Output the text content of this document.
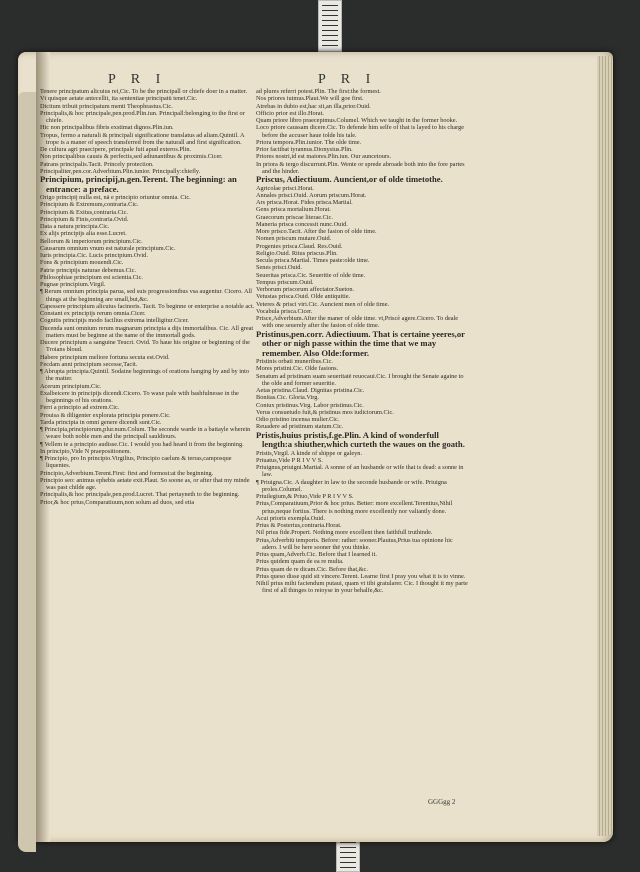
P R I	P R I

Tenere principatum alicuius rei,Cic. To be the principall or chiefe doer in a matter.

Vt quisque aetate antecellit, ita sententiae principatū tenet.Cic.

Dicitum tribuit principatum menti Theophrastus.Cic.

Principalis,& hoc principale,pen.prod.Plin.iun. Principall:belonging to the first or chiefe.

Hic non principalibus fibris exstimat dignos.Plin.iun.

Tropus, fermo a naturali & principali significatione translatus ad aliam.Quintil. A trope is a maner of speech transferred from the naturall and first signification.

De cultura agri praecipere, principale fuit apud exteros.Plin.

Non principalibus causis & perfectis,sed adiunantibus & proximis.Cicer.

Patrans principalis.Tacit. Princely protection.

Principaliter,pen.cor.Adverbium.Plin.iunior. Principally:chiefly.

Principium, principij,n.gen.Terent. The beginning: an entrance: a preface.

Origo principij nulla est, nā e principio oriuntur omnia. Cic.

Principium & Extremum,contraria.Cic.

Principium & Exitus,contraria.Cic.

Principium & Finis,contraria.Ovid.

Data a natura principia.Cic.

Ex alijs principijs alia esse.Lucret.

Bellorum & imperiorum principium.Cic.

Causarum omnium vnum est naturale principium.Cic.

Iuris principia.Cic. Lucis principium.Ovid.

Fons & principium mouendi.Cic.

Patrie principijs naturae debemus.Cic.

Philosophiae principium est scientia.Cic.

Pugnae principium.Virgil.

¶ Rerum omnium principia parua, sed suis progressionibus vsa augentur. Cicero. All things at the beginning are small,but,&c.

Capessere principium alicuius facinoris. Tacit. To beginne or enterprise a notable act.

Constant ex principijs rerum omnia.Cicer.

Cognitis principijs modo facilius extrema intelligitur.Cicer.

Ducenda sunt omnium rerum magnarum principia a dijs immortalibus. Cic. All great matters must be beginne at the name of the immortall gods.

Ducere principium a sanguine Teucri. Ovid. To haue his origine or beginning of the Troians bloud.

Habere principium meliore fortuna secuta est.Ovid.

Fecdam anni principium secesse,Tacit.

¶ Abrupta principia.Quintil. Sodaine beginnings of orations hanging by and by into the matter.

Acerum principium.Cic.

Exalbeicere in principijs dicendi.Cicero. To waxe pale with bashfulnesse in the beginnings of his orations.

Ferri a principio ad extrem.Cic.

Prouisa & diligenter explorata principia ponere.Cic.

Tarda principia in omni genere dicendi sunt.Cic.

¶ Principia,principiorum,plur.num.Colum. The seconde warde in a battayle wherein weare both noble men and the principall sauldiours.

¶ Vellem te a principio audisse.Cic. I would you had heard it from the beginning.

In principio,Vide N praepositionem.

¶ Principio, pro In principio.Virgilius, Principio caelum & terras,camposque liquentes.

Principio,Adverbium.Terent.First: first and formost:at the beginning.

Principio seo: animus ephebis aetate exit.Plaut. So soone as, or after that my minde was past childe age.

Principalis,& hoc principale,pen.prod.Lucret. That pertayneth to the beginning.

Prior,& hoc prius,Comparatiuum,non solum ad duos, sed etia

ad plures referri potest.Plin. The first:the formest.

Nos priores iuimus.Plaut.We will goe first.

Atrebas in dubio est,hac sit,an illa,prior.Ouid.

Officio prior est illo.Horat.

Quam priore libro praecepimus.Columel. Which we taught in the former booke.

Loco priore caussam dicere.Cic. To defende him selfe of that is layed to his charge before the accuser haue tolde his tale.

Priora tempora.Plin.iunior. The olde time.

Prior factibat tyrannus.Dionysius.Plin.

Priores nostri,id est maiores.Plin.iun. Our auncetours.

In priora & tergo discurrunt.Plin. Wente or sprede abroade both into the fore partes and the hinder.

Priscus, Adiectiuum. Auncient,or of olde timetothe.

Agricolae prisci.Horat.

Annales prisci.Ouid. Aorum priscum.Horat.

Ars prisca.Horat. Fides prisca.Martial.

Gens prisca mortalium.Horat.

Graecorum priscae literae.Cic.

Maneria prisca concessit nunc.Ouid.

More prisco.Tacit. After the fasion of olde time.

Nomen priscum mutare.Ouid.

Progenies prisca.Claud. Res.Ouid.

Religio.Ouid. Ritus priscus.Plin.

Secula prisca.Martial. Times paste:olde time.

Senes prisci.Ouid.

Seueritas prisca.Cic. Seueritie of olde time.

Tempus priscum.Ouid.

Verborum priscorum affectator.Sueton.

Vetustas prisca.Ouid. Olde antiquitie.

Veteres & prisci viri.Cic. Auncient men of olde time.

Vocabula prisca.Cicer.

Prisce,Adverbium.After the maner of olde time. vt,Priscè agere.Cicero. To deale with one seuerely after the fasion of olde time.

Pristinus,pen.corr. Adiectiuum. That is certaine yeeres,or other or nigh passe within the time that we may remember. Also Olde:former.

Pristinis orbati muneribus.Cic.

Mores pristini.Cic. Olde fasions.

Senatum ad pristinam suam seueritatē reuocaui.Cic. I brought the Senate againe to the olde and former seueritie.

Aetas pristina.Claud. Dignitas pristina.Cic.

Bonitas.Cic. Gloria.Virg.

Coniux pristinus.Virg. Labor pristinus.Cic.

Verus consuetudo fuit,& pristinus mos iudiciorum.Cic.

Odio pristino incensa mulier.Cic.

Reuadere ad pristinum statum.Cic.

Pristis,huius pristis,f.ge.Plin. A kind of wonderfull length:a shiuther,which curteth the waues on the goath.

Pristis,Virgil. A kinde of shippe or galeyn.

Priuatus,Vide P R I V V S.

Priuignus,priuigni.Martial. A sonne of an husbande or wife that is dead: a sonne in law.

¶ Priuigna.Cic. A daughter in law to the seconde husbande or wife. Priuigna proles.Columel.

Priuilegium,& Priuo,Vide P R I V V S.

Prius,Comparatiuum,Prior & hoc prius. Better: more excellent.Terentius,Nihil prius,neque fortius. There is nothing more excellently nor valiantly done.

Acui prioris exempla.Ouid.

Prius & Posterius,contraria.Horat.

Nil prius fide.Propert. Nothing more excellent then faithfull truthinde.

Prius,Adverbiū temporis. Before: rather: sooner.Plautus,Prius tua opinione hic adero. I will be here sooner thē you thinke.

Prius quam,Adverb.Cic. Before that I learned it.

Prius quidem quam de ea re multa.

Prius quam de re dicam.Cic. Before that,&c.

Prius queso disse quid sit vincere.Terent. Learne first I pray you what it is to vinne.

Nihil prius mihi faciendum putaui, quam vt tibi gratularer. Cic. I thought it my parte first of all thinges to reioyse in your behalfe,&c.

GGGgg 2
